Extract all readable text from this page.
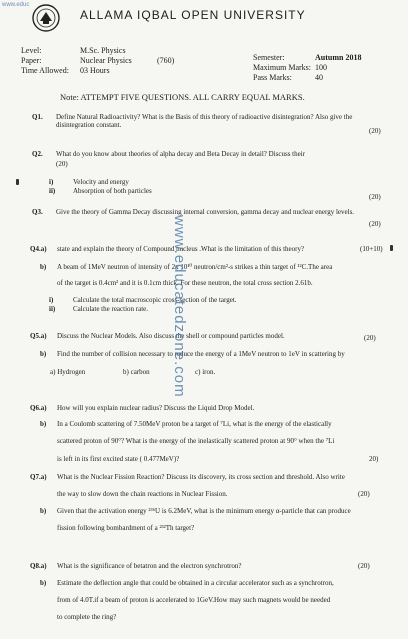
www.educ
ALLAMA IQBAL OPEN UNIVERSITY
Level:	M.Sc. Physics
Paper:	Nuclear Physics	(760)
Time Allowed: 03 Hours
Semester:	Autumn 2018
Maximum Marks: 100
Pass Marks:	40
Note: ATTEMPT FIVE QUESTIONS. ALL CARRY EQUAL MARKS.
Q1. Define Natural Radioactivity? What is the Basis of this theory of radioactive disintegration? Also give the disintegration constant.
(20)
Q2. What do you know about theories of alpha decay and Beta Decay in detail? Discuss their
(20)
i)	Velocity and energy
ii)	Absorption of both particles
(20)
Q3. Give the theory of Gamma Decay discussing internal conversion, gamma decay and nuclear energy levels.
(20)
Q4.a) state and explain the theory of Compound nucleus .What is the limitation of this theory?	(10+10)
b) A beam of 1MeV neutron of intensity of 2x 10¹⁰ neutron/cm²-s strikes a thin target of ¹²C.The area
of the target is 0.4cm² and it is 0.1cm thick. For these neutron, the total cross section 2.61b.
i)	Calculate the total macroscopic cross-section of the target.
ii)	Calculate the reaction rate.
Q5.a) Discuss the Nuclear Models. Also discuss the shell or compound particles model.	(20)
b) Find the number of collision necessary to reduce the energy of a 1MeV neutron to 1eV in scattering by
a) Hydrogen	b) carbon	c) iron.
Q6.a) How will you explain nuclear radius? Discuss the Liquid Drop Model.
b) In a Coulomb scattering of 7.50MeV proton be a target of ⁷Li, what is the energy of the elastically
scattered proton of 90°? What is the energy of the inelastically scattered proton at 90° when the ⁷Li
is left in its first excited state ( 0.477MeV)?	20)
Q7.a) What is the Nuclear Fission Reaction? Discuss its discovery, its cross section and threshold. Also write
the way to slow down the chain reactions in Nuclear Fission.	(20)
b) Given that the activation energy ²³⁶U is 6.2MeV, what is the minimum energy α-particle that can produce
fission following bombardment of a ²³²Th target?
Q8.a) What is the significance of betatron and the electron synchrotron?	(20)
b) Estimate the deflection angle that could be obtained in a circular accelerator such as a synchrotron,
from of 4.0T.if a beam of proton is accelerated to 1GeV.How may such magnets would be needed
to complete the ring?
www.educatedzone.com
